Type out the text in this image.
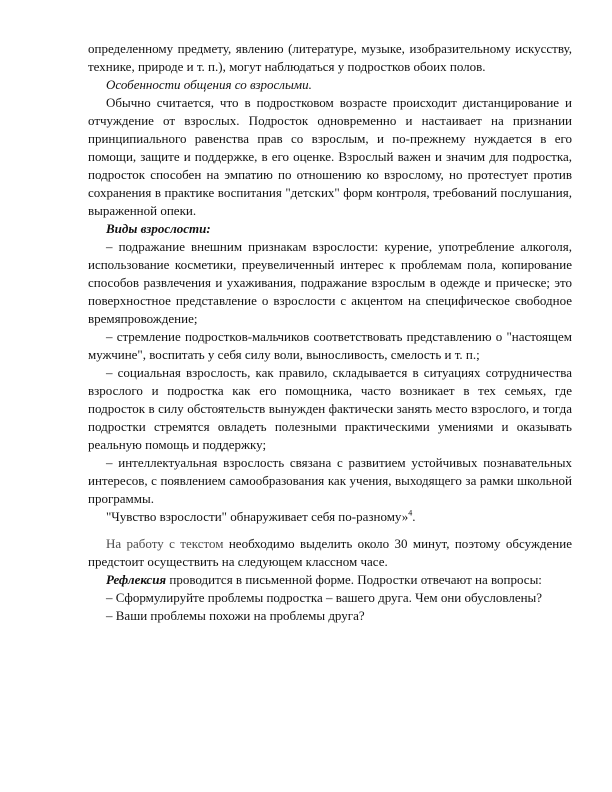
определенному предмету, явлению (литературе, музыке, изобразительному искусству, технике, природе и т. п.), могут наблюдаться у подростков обоих полов.

Особенности общения со взрослыми.

Обычно считается, что в подростковом возрасте происходит дистанцирование и отчуждение от взрослых. Подросток одновременно и настаивает на признании принципиального равенства прав со взрослым, и по-прежнему нуждается в его помощи, защите и поддержке, в его оценке. Взрослый важен и значим для подростка, подросток способен на эмпатию по отношению ко взрослому, но протестует против сохранения в практике воспитания "детских" форм контроля, требований послушания, выраженной опеки.

Виды взрослости:

– подражание внешним признакам взрослости: курение, употребление алкоголя, использование косметики, преувеличенный интерес к проблемам пола, копирование способов развлечения и ухаживания, подражание взрослым в одежде и прическе; это поверхностное представление о взрослости с акцентом на специфическое свободное времяпровождение;

– стремление подростков-мальчиков соответствовать представлению о "настоящем мужчине", воспитать у себя силу воли, выносливость, смелость и т. п.;

– социальная взрослость, как правило, складывается в ситуациях сотрудничества взрослого и подростка как его помощника, часто возникает в тех семьях, где подросток в силу обстоятельств вынужден фактически занять место взрослого, и тогда подростки стремятся овладеть полезными практическими умениями и оказывать реальную помощь и поддержку;

– интеллектуальная взрослость связана с развитием устойчивых познавательных интересов, с появлением самообразования как учения, выходящего за рамки школьной программы.

"Чувство взрослости" обнаруживает себя по-разному»$^4$.

На работу с текстом необходимо выделить около 30 минут, поэтому обсуждение предстоит осуществить на следующем классном часе.

Рефлексия проводится в письменной форме. Подростки отвечают на вопросы:

– Сформулируйте проблемы подростка – вашего друга. Чем они обусловлены?

– Ваши проблемы похожи на проблемы друга?
